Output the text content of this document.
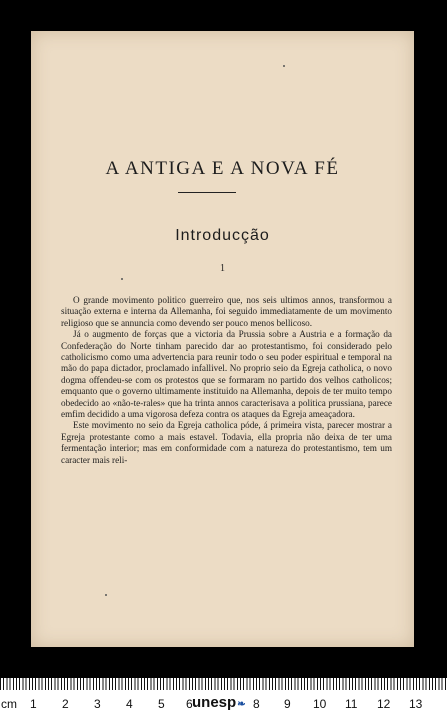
A ANTIGA E A NOVA FÉ
Introducção
1

O grande movimento politico guerreiro que, nos seis ultimos annos, transformou a situação externa e interna da Allemanha, foi seguido immediatamente de um movimento religioso que se annuncia como devendo ser pouco menos bellicoso.

Já o augmento de forças que a victoria da Prussia sobre a Austria e a formação da Confederação do Norte tinham parecido dar ao protestantismo, foi considerado pelo catholicismo como uma advertencia para reunir todo o seu poder espiritual e temporal na mão do papa dictador, proclamado infallivel. No proprio seio da Egreja catholica, o novo dogma offendeu-se com os protestos que se formaram no partido dos velhos catholicos; emquanto que o governo ultimamente instituido na Allemanha, depois de ter muito tempo obedecido ao «não-te-rales» que ha trinta annos caracterisava a politica prussiana, parece emfim decidido a uma vigorosa defeza contra os ataques da Egreja ameaçadora.

Este movimento no seio da Egreja catholica póde, á primeira vista, parecer mostrar a Egreja protestante como a mais estavel. Todavia, ella propria não deixa de ter uma fermentação interior; mas em conformidade com a natureza do protestantismo, tem um caracter mais reli-

cm 1 2 3 4 5 6 unesp❧ 8 9 10 11 12 13
